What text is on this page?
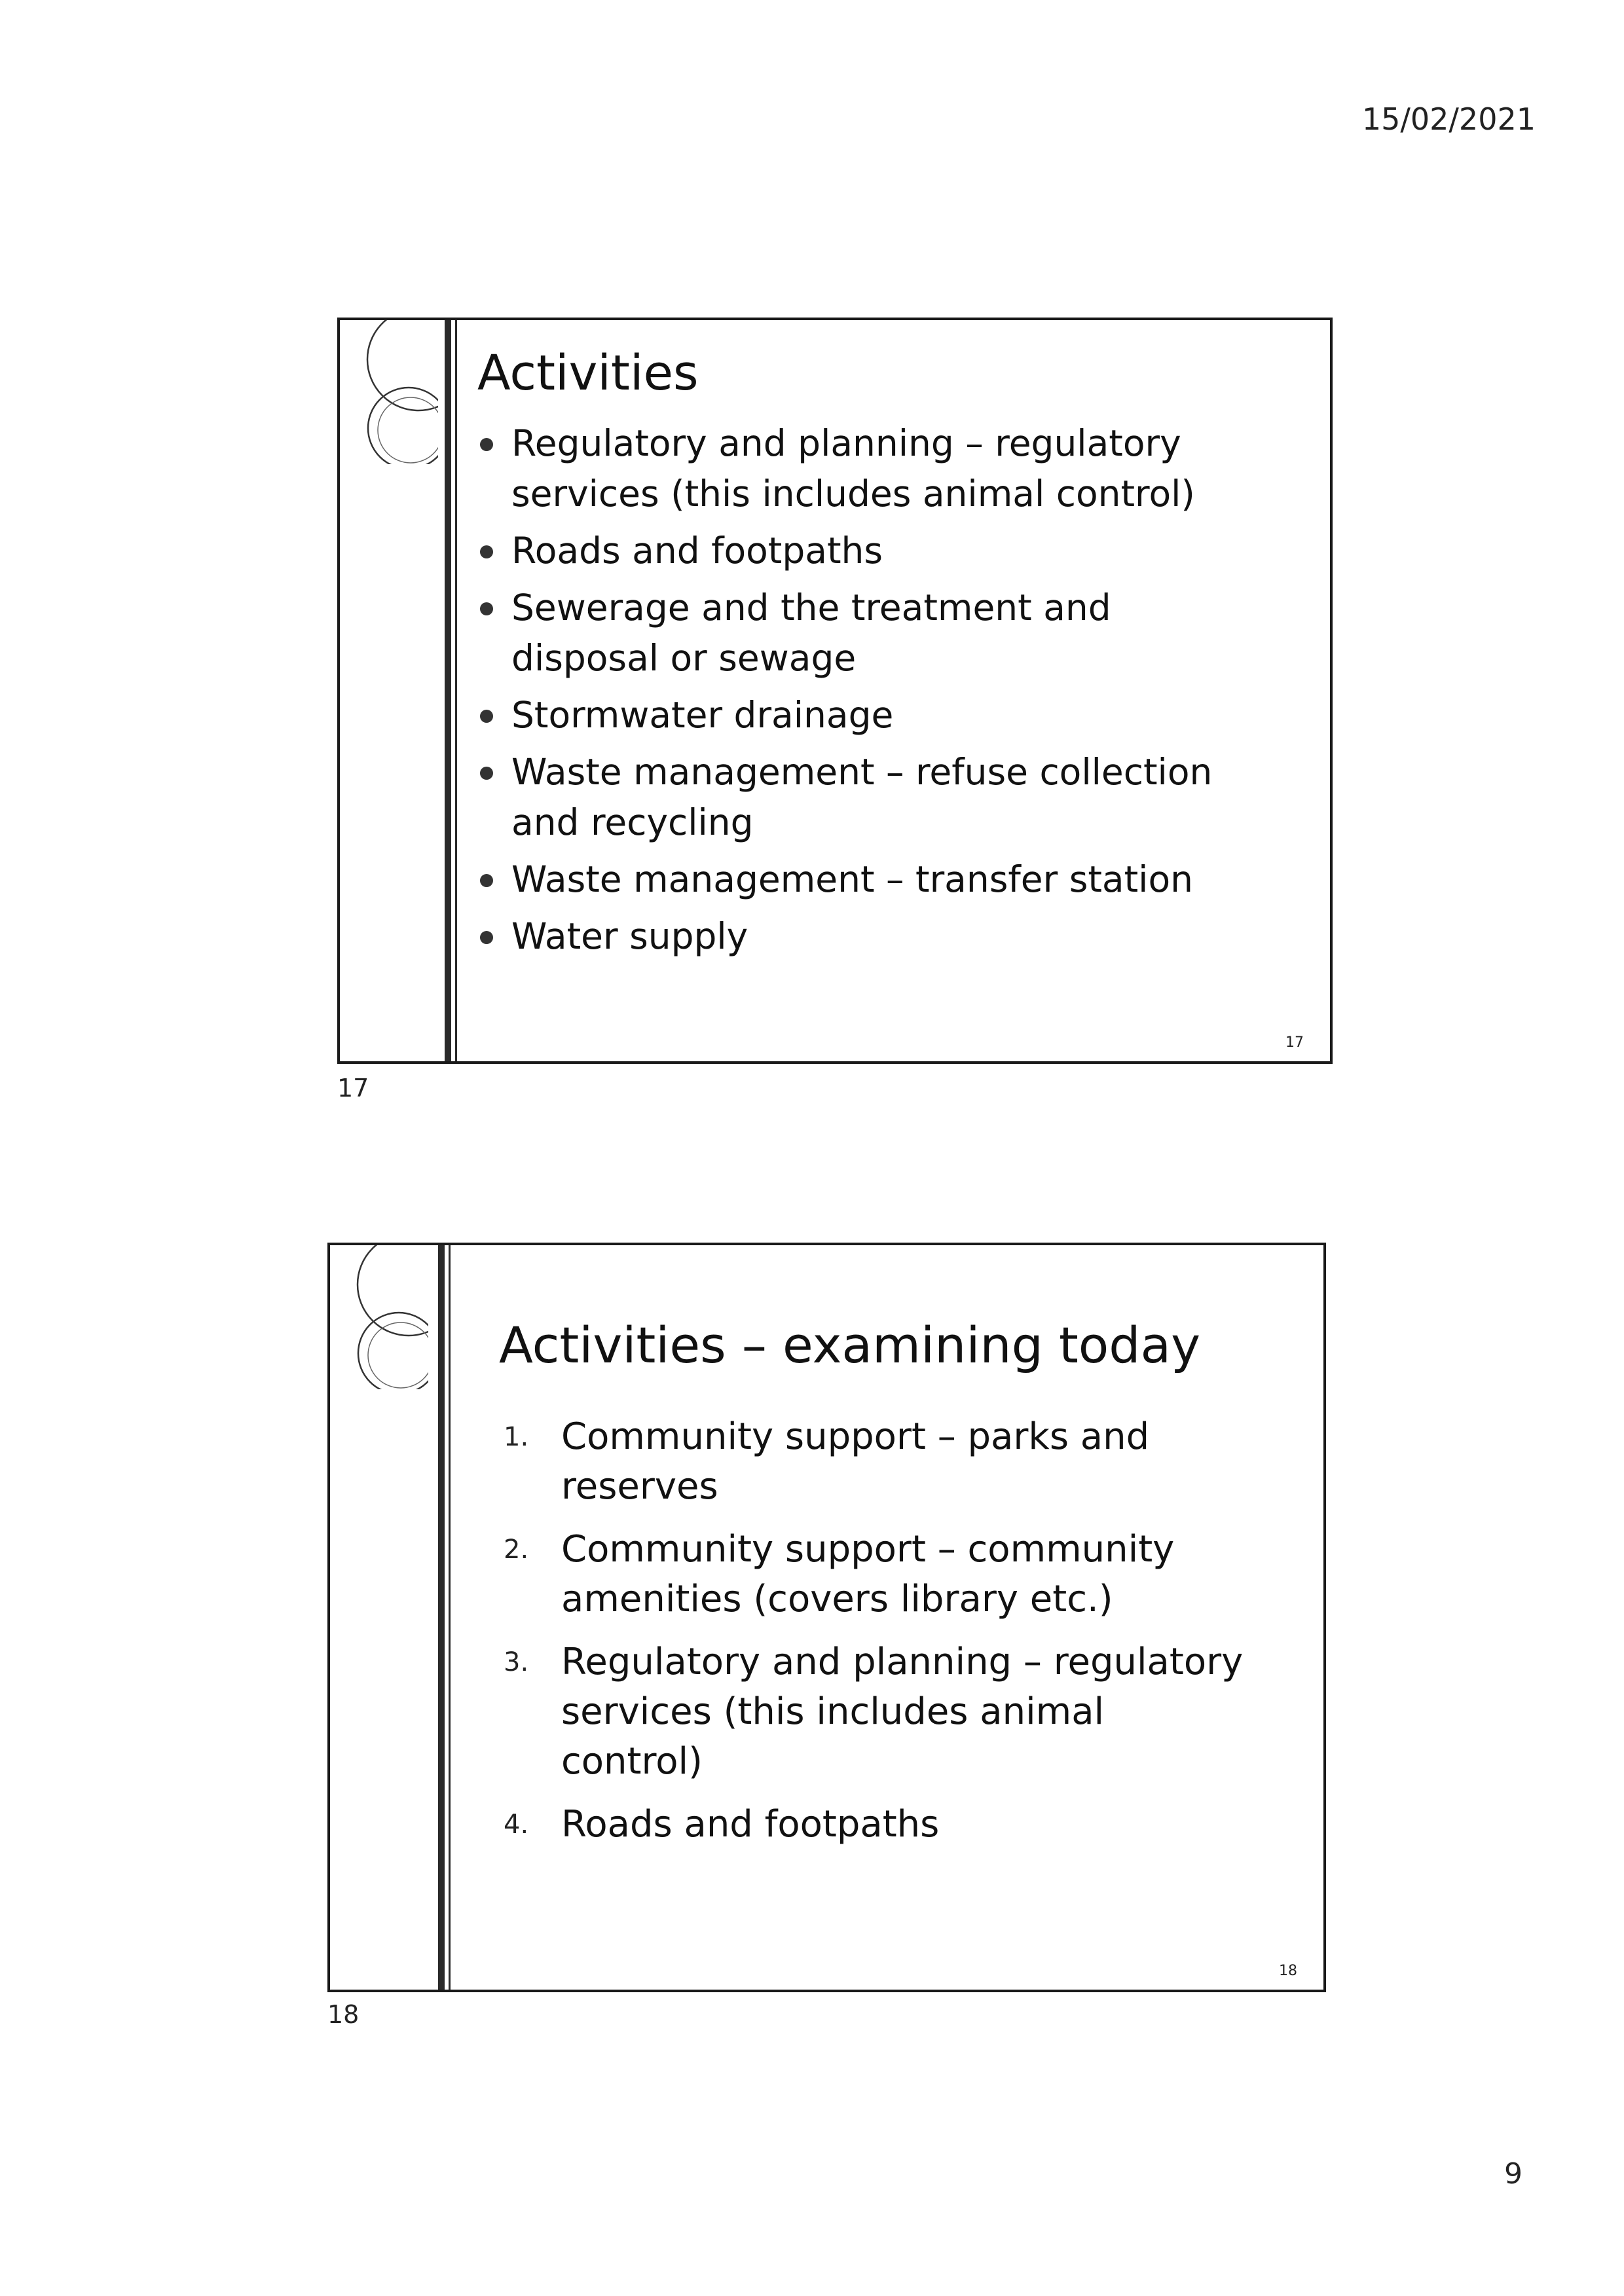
15/02/2021
Activities
Regulatory and planning – regulatory services (this includes animal control)
Roads and footpaths
Sewerage and the treatment and disposal or sewage
Stormwater drainage
Waste management – refuse collection and recycling
Waste management – transfer station
Water supply
17
17
Activities – examining today
1. Community support – parks and reserves
2. Community support – community amenities (covers library etc.)
3. Regulatory and planning – regulatory services (this includes animal control)
4. Roads and footpaths
18
18
9
